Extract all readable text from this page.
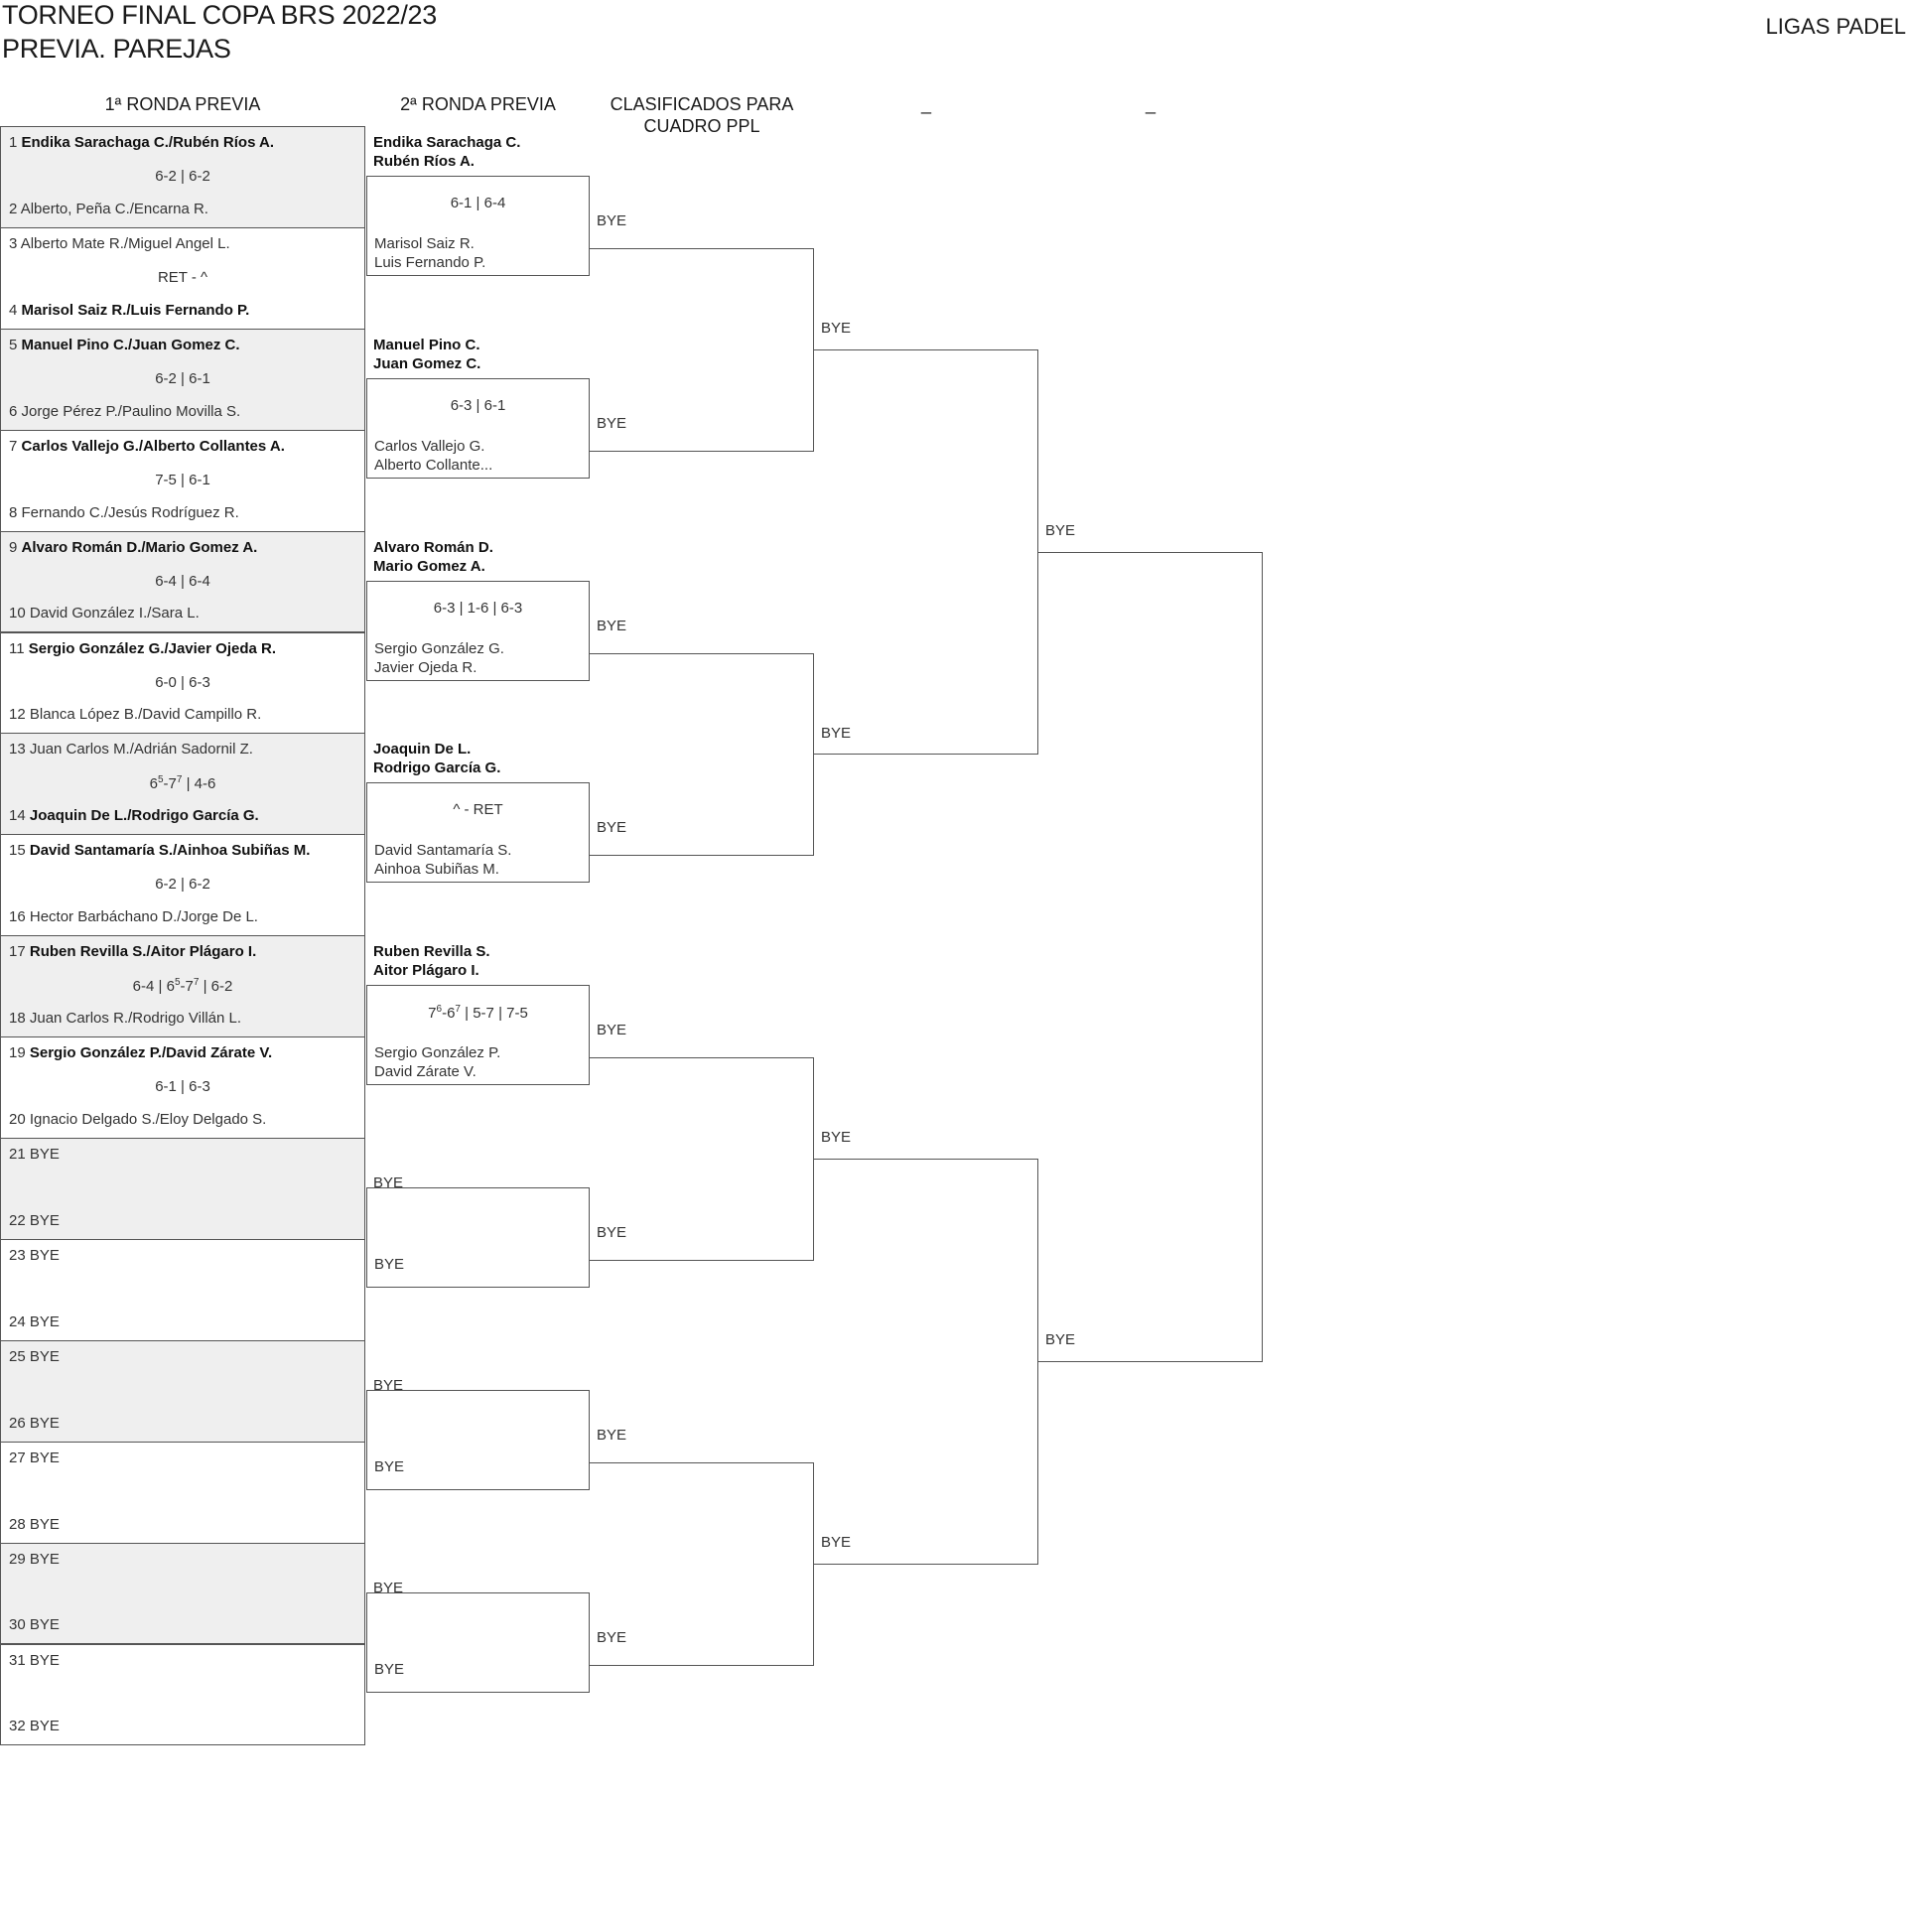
TORNEO FINAL COPA BRS 2022/23
PREVIA. PAREJAS
LIGAS PADEL
1ª RONDA PREVIA	2ª RONDA PREVIA	CLASIFICADOS PARA
CUADRO PPL
_	_
1 Endika Sarachaga C./Rubén Ríos A.
6-2 | 6-2
2 Alberto, Peña C./Encarna R.
3 Alberto Mate R./Miguel Angel L.
RET - ^
4 Marisol Saiz R./Luis Fernando P.
5 Manuel Pino C./Juan Gomez C.
6-2 | 6-1
6 Jorge Pérez P./Paulino Movilla S.
7 Carlos Vallejo G./Alberto Collantes A.
7-5 | 6-1
8 Fernando C./Jesús Rodríguez R.
9 Alvaro Román D./Mario Gomez A.
6-4 | 6-4
10 David González I./Sara L.
11 Sergio González G./Javier Ojeda R.
6-0 | 6-3
12 Blanca López B./David Campillo R.
13 Juan Carlos M./Adrián Sadornil Z.
$6^5-7^7$ | 4-6
14 Joaquin De L./Rodrigo García G.
15 David Santamaría S./Ainhoa Subiñas M.
6-2 | 6-2
16 Hector Barbáchano D./Jorge De L.
17 Ruben Revilla S./Aitor Plágaro I.
6-4 | $6^5-7^7$ | 6-2
18 Juan Carlos R./Rodrigo Villán L.
19 Sergio González P./David Zárate V.
6-1 | 6-3
20 Ignacio Delgado S./Eloy Delgado S.
21 BYE
22 BYE
23 BYE
24 BYE
25 BYE
26 BYE
27 BYE
28 BYE
29 BYE
30 BYE
31 BYE
32 BYE
Endika Sarachaga C.
Rubén Ríos A.
6-1 | 6-4
Marisol Saiz R.
Luis Fernando P.
BYE
Manuel Pino C.
Juan Gomez C.
6-3 | 6-1
Carlos Vallejo G.
Alberto Collante...
BYE
Alvaro Román D.
Mario Gomez A.
6-3 | 1-6 | 6-3
Sergio González G.
Javier Ojeda R.
BYE
Joaquin De L.
Rodrigo García G.
^ - RET
David Santamaría S.
Ainhoa Subiñas M.
BYE
Ruben Revilla S.
Aitor Plágaro I.
$7^6-6^7$ | 5-7 | 7-5
Sergio González P.
David Zárate V.
BYE
BYE
BYE
BYE
BYE
BYE
BYE
BYE
BYE
BYE
BYE
BYE
BYE
BYE
BYE
BYE
